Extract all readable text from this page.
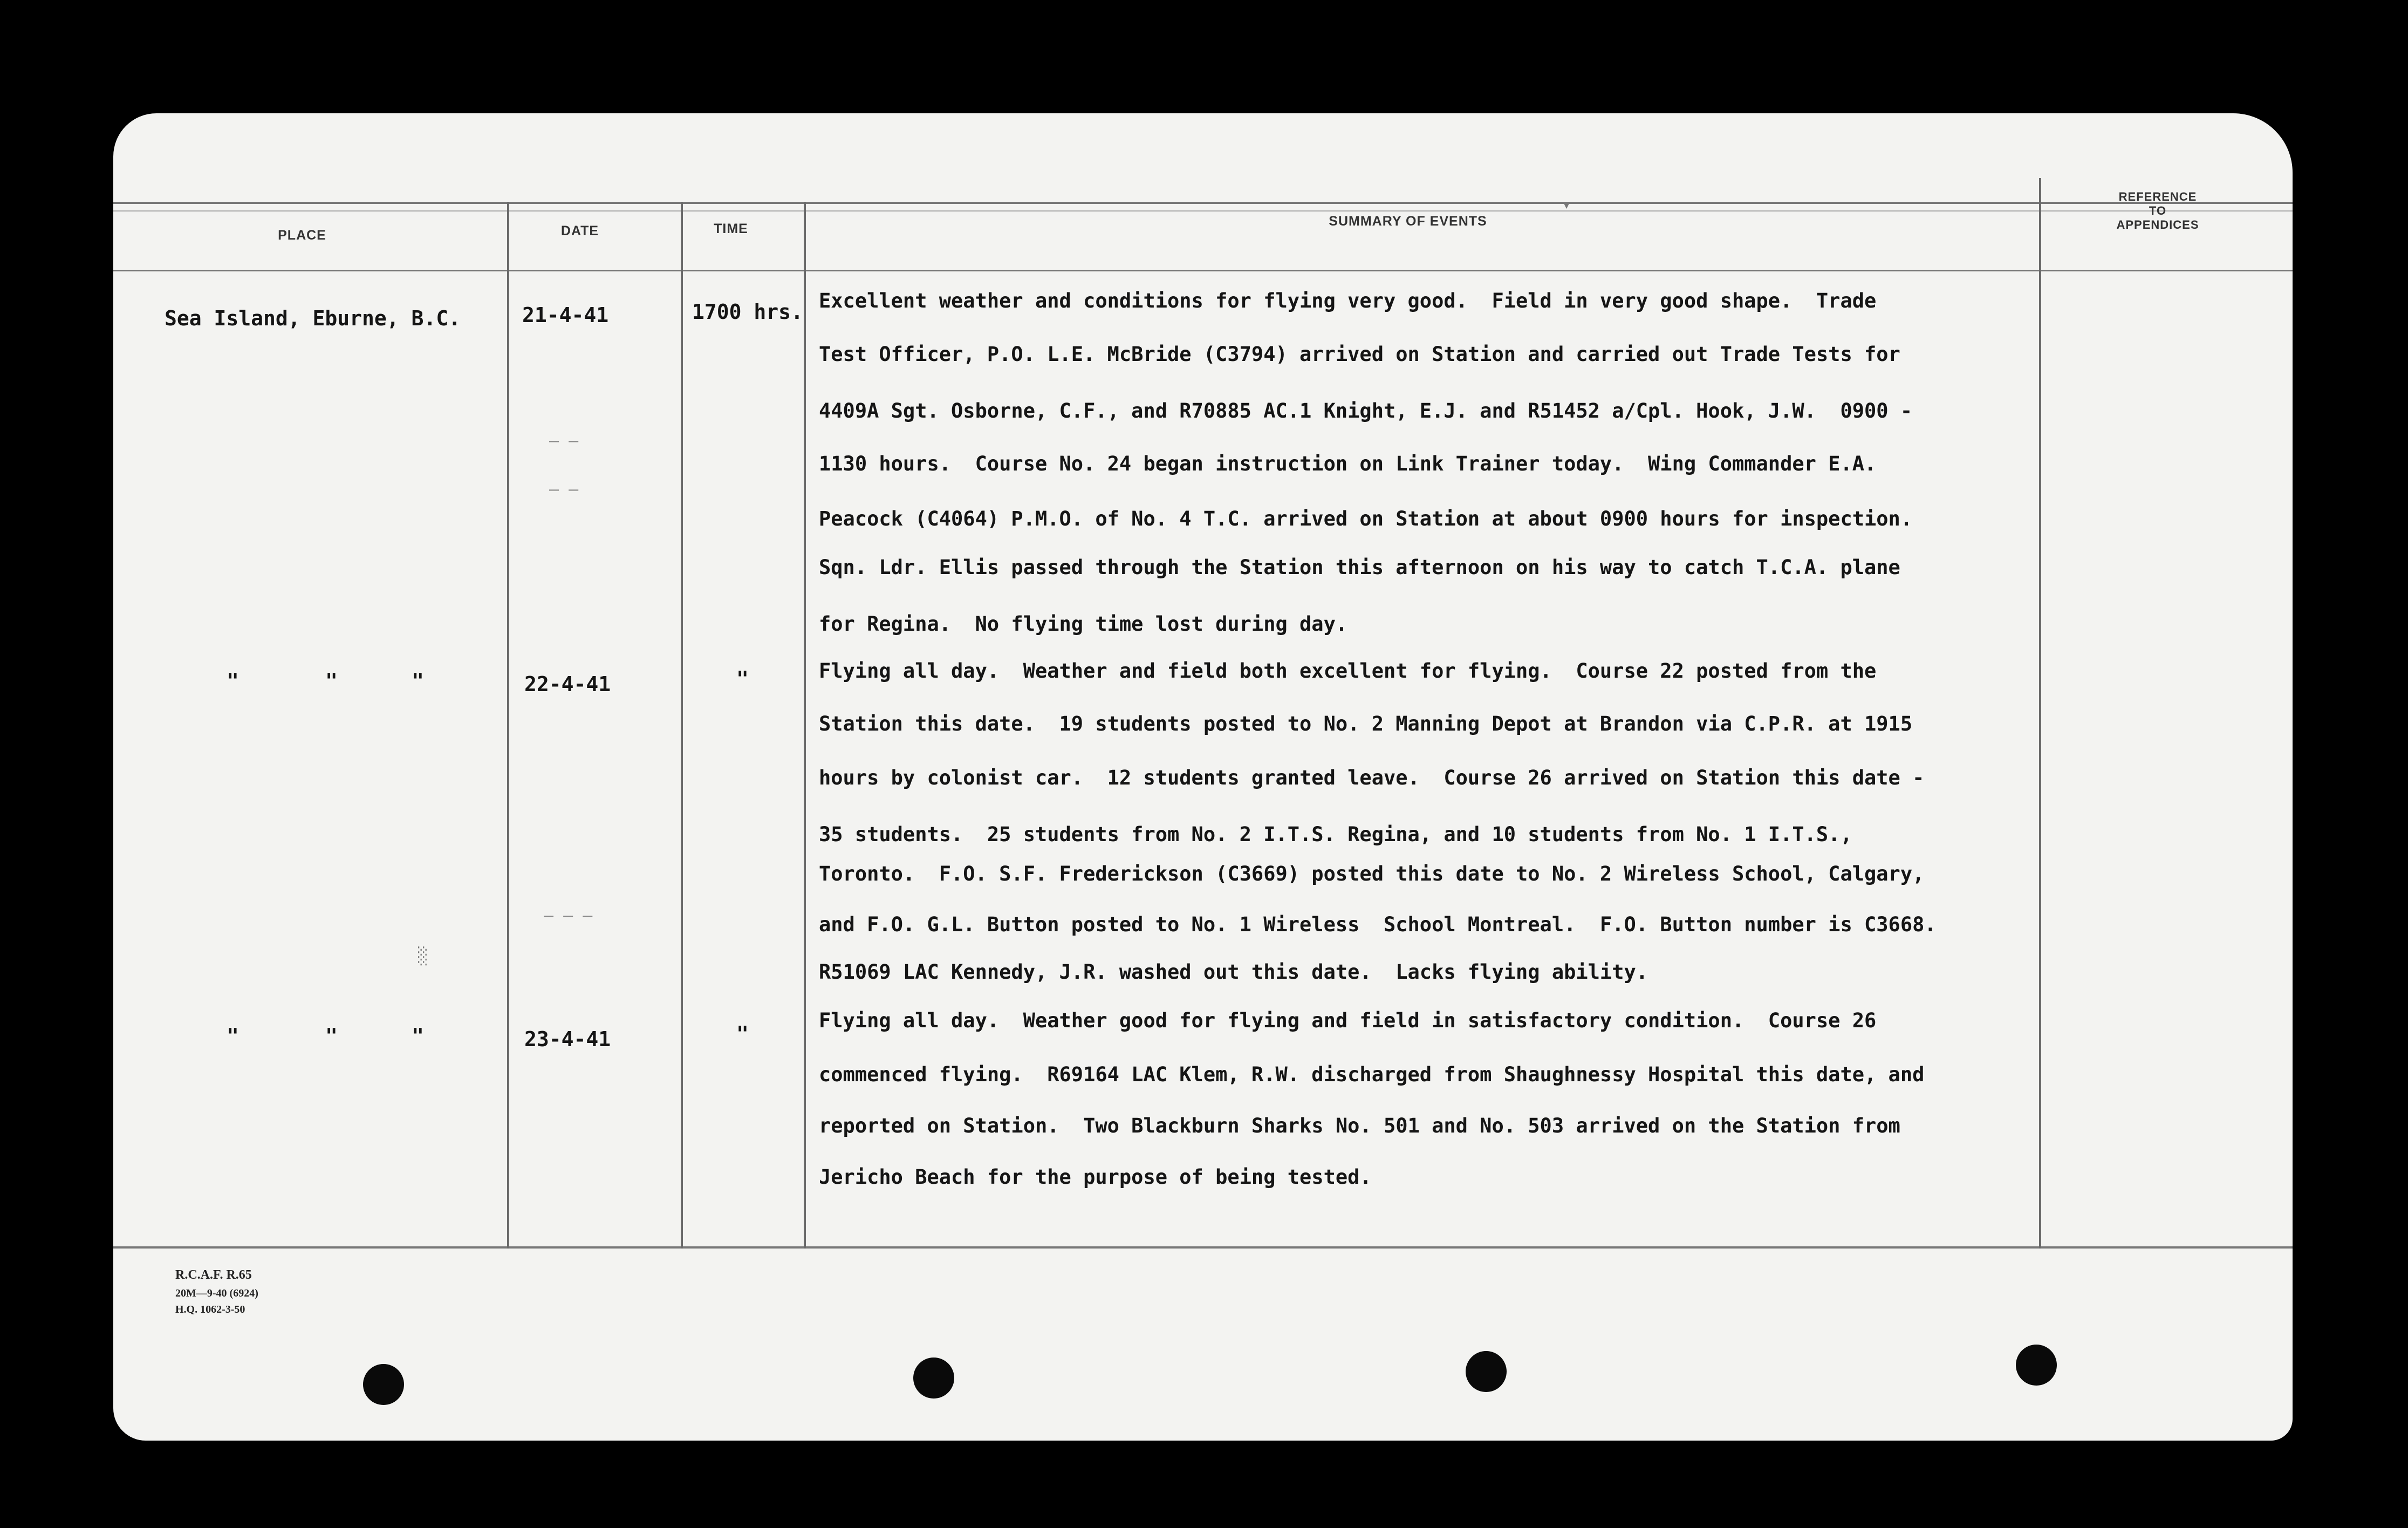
PLACE	DATE	TIME	SUMMARY OF EVENTS
REFERENCE
TO
APPENDICES
Sea Island, Eburne, B.C.	21-4-41	1700 hrs. Excellent weather and conditions for flying very good.  Field in very good shape.  Trade
Test Officer, P.O. L.E. McBride (C3794) arrived on Station and carried out Trade Tests for
4409A Sgt. Osborne, C.F., and R70885 AC.1 Knight, E.J. and R51452 a/Cpl. Hook, J.W.  0900 -
1130 hours.  Course No. 24 began instruction on Link Trainer today.  Wing Commander E.A.
Peacock (C4064) P.M.O. of No. 4 T.C. arrived on Station at about 0900 hours for inspection.
Sqn. Ldr. Ellis passed through the Station this afternoon on his way to catch T.C.A. plane
for Regina.  No flying time lost during day.
"       "      "	22-4-41	"	Flying all day.  Weather and field both excellent for flying.  Course 22 posted from the
Station this date.  19 students posted to No. 2 Manning Depot at Brandon via C.P.R. at 1915
hours by colonist car.  12 students granted leave.  Course 26 arrived on Station this date -
35 students.  25 students from No. 2 I.T.S. Regina, and 10 students from No. 1 I.T.S.,
Toronto.  F.O. S.F. Frederickson (C3669) posted this date to No. 2 Wireless School, Calgary,
and F.O. G.L. Button posted to No. 1 Wireless  School Montreal.  F.O. Button number is C3668.
R51069 LAC Kennedy, J.R. washed out this date.  Lacks flying ability.
"       "      "	23-4-41	"
Flying all day.  Weather good for flying and field in satisfactory condition.  Course 26
commenced flying.  R69164 LAC Klem, R.W. discharged from Shaughnessy Hospital this date, and
reported on Station.  Two Blackburn Sharks No. 501 and No. 503 arrived on the Station from
Jericho Beach for the purpose of being tested.
— —
— —
— — —
░
▾
R.C.A.F. R.65
20M—9-40 (6924)
H.Q. 1062-3-50
